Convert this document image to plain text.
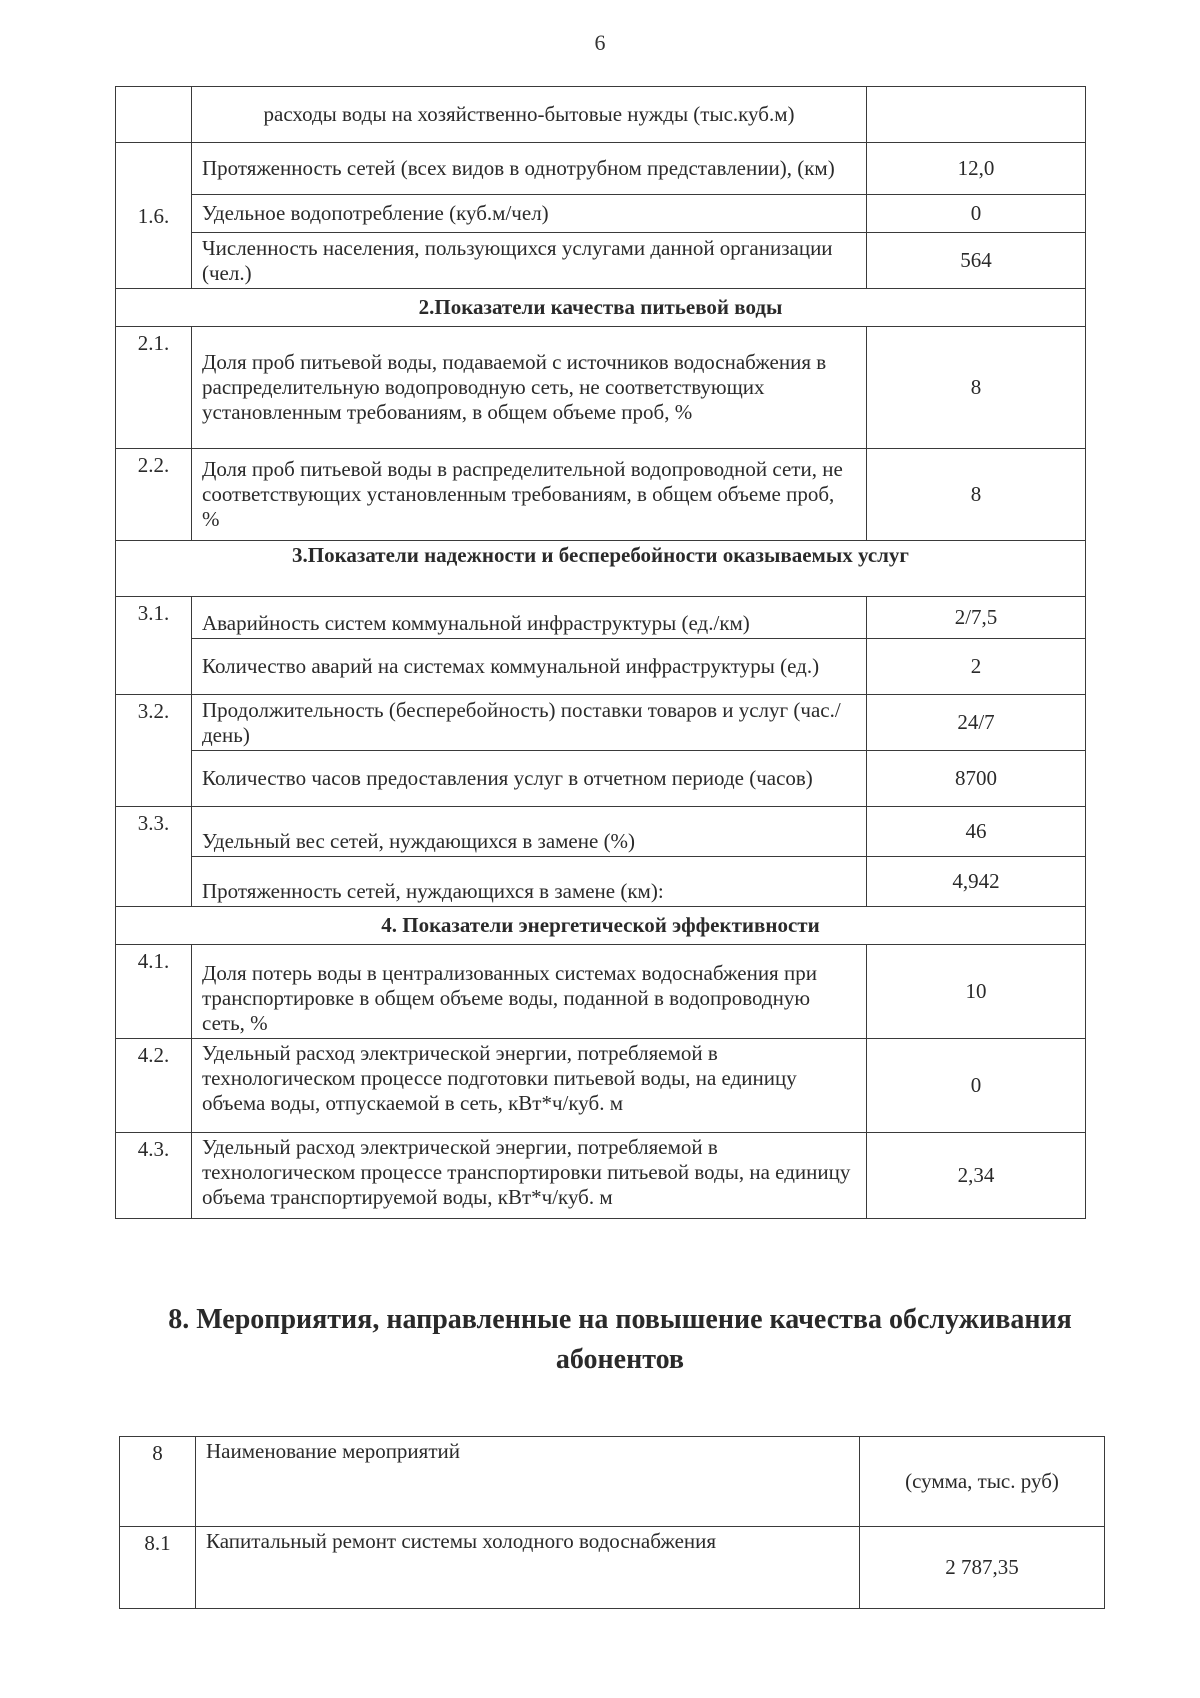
6
	расходы воды на хозяйственно-бытовые нужды (тыс.куб.м)	
1.6.	Протяженность сетей (всех видов в однотрубном представлении), (км)	12,0
	Удельное водопотребление (куб.м/чел)	0
	Численность населения, пользующихся услугами данной организации (чел.)	564
2.Показатели качества питьевой воды		
2.1.	Доля проб питьевой воды, подаваемой с источников водоснабжения в распределительную водопроводную сеть, не соответствующих установленным требованиям, в общем объеме проб, %	8
2.2.	Доля проб питьевой воды в распределительной водопроводной сети, не соответствующих установленным требованиям, в общем объеме проб, %	8
3.Показатели надежности и бесперебойности оказываемых услуг		
3.1.	Аварийность систем коммунальной инфраструктуры (ед./км)	2/7,5
	Количество аварий на системах коммунальной инфраструктуры (ед.)	2
3.2.	Продолжительность (бесперебойность) поставки товаров и услуг (час./день)	24/7
	Количество часов предоставления услуг в отчетном периоде (часов)	8700
3.3.	Удельный вес сетей, нуждающихся в замене (%)	46
	Протяженность сетей, нуждающихся в замене (км):	4,942
4. Показатели энергетической эффективности		
4.1.	Доля потерь воды в централизованных системах водоснабжения при транспортировке в общем объеме воды, поданной в водопроводную сеть, %	10
4.2.	Удельный расход электрической энергии, потребляемой в технологическом процессе подготовки питьевой воды, на единицу объема воды, отпускаемой в сеть, кВт*ч/куб. м	0
4.3.	Удельный расход электрической энергии, потребляемой в технологическом процессе транспортировки питьевой воды, на единицу объема транспортируемой воды, кВт*ч/куб. м	2,34
8. Мероприятия, направленные на повышение качества обслуживания абонентов
8	Наименование мероприятий	(сумма, тыс. руб)
8.1	Капитальный ремонт системы холодного водоснабжения	2 787,35
